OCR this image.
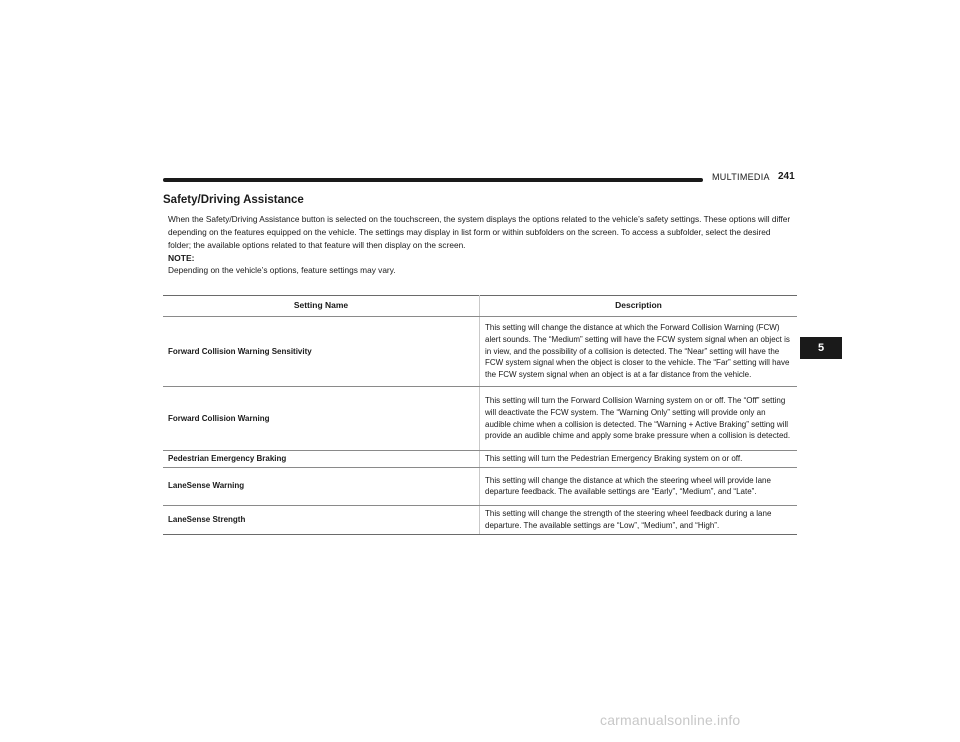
MULTIMEDIA 241
5
Safety/Driving Assistance

When the Safety/Driving Assistance button is selected on the touchscreen, the system displays the options related to the vehicle’s safety settings. These options will differ depending on the features equipped on the vehicle. The settings may display in list form or within subfolders on the screen. To access a subfolder, select the desired folder; the available options related to that feature will then display on the screen.

NOTE:
Depending on the vehicle’s options, feature settings may vary.
Setting Name	Description
Forward Collision Warning Sensitivity	This setting will change the distance at which the Forward Collision Warning (FCW) alert sounds. The “Medium” setting will have the FCW system signal when an object is in view, and the possibility of a collision is detected. The “Near” setting will have the FCW system signal when the object is closer to the vehicle. The “Far” setting will have the FCW system signal when an object is at a far distance from the vehicle.
Forward Collision Warning	This setting will turn the Forward Collision Warning system on or off. The “Off” setting will deactivate the FCW system. The “Warning Only” setting will provide only an audible chime when a collision is detected. The “Warning + Active Braking” setting will provide an audible chime and apply some brake pressure when a collision is detected.
Pedestrian Emergency Braking	This setting will turn the Pedestrian Emergency Braking system on or off.
LaneSense Warning	This setting will change the distance at which the steering wheel will provide lane departure feedback. The available settings are “Early”, “Medium”, and “Late”.
LaneSense Strength	This setting will change the strength of the steering wheel feedback during a lane departure. The available settings are “Low”, “Medium”, and “High”.
carmanualsonline.info
